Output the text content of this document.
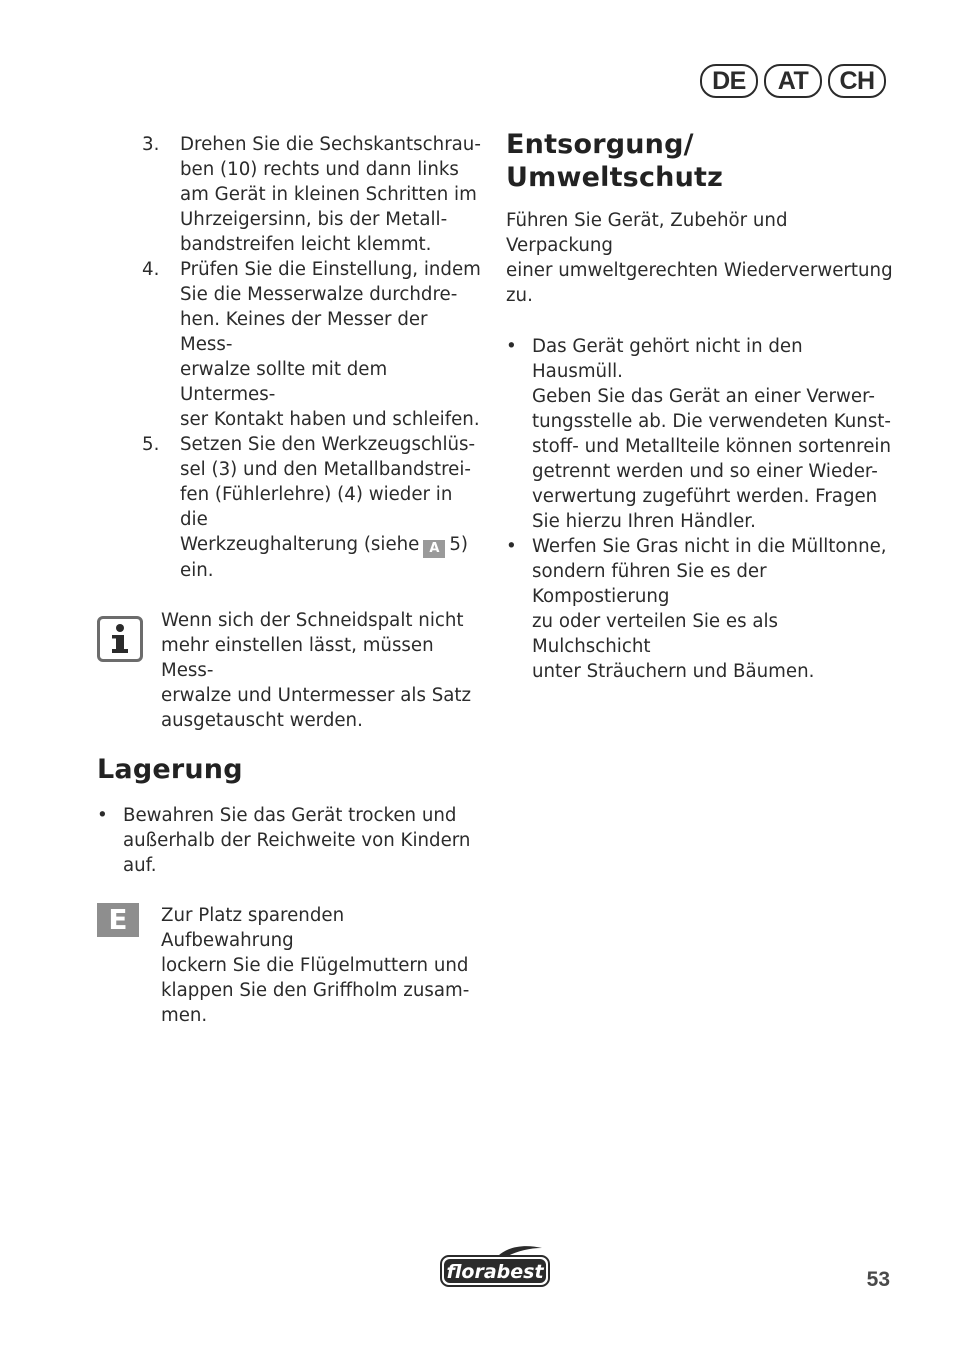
DE	AT	CH
3. Drehen Sie die Sechskantschrau-
ben (10) rechts und dann links
am Gerät in kleinen Schritten im
Uhrzeigersinn, bis der Metall-
bandstreifen leicht klemmt.
4. Prüfen Sie die Einstellung, indem
Sie die Messerwalze durchdre-
hen. Keines der Messer der Mess-
erwalze sollte mit dem Untermes-
ser Kontakt haben und schleifen.
5. Setzen Sie den Werkzeugschlüs-
sel (3) und den Metallbandstrei-
fen (Fühlerlehre) (4) wieder in die
Werkzeughalterung (siehe A 5)
ein.
Wenn sich der Schneidspalt nicht
mehr einstellen lässt, müssen Mess-
erwalze und Untermesser als Satz
ausgetauscht werden.
Lagerung
• Bewahren Sie das Gerät trocken und
außerhalb der Reichweite von Kindern
auf.
E	Zur Platz sparenden Aufbewahrung
lockern Sie die Flügelmuttern und
klappen Sie den Griffholm zusam-
men.
Entsorgung/
Umweltschutz
Führen Sie Gerät, Zubehör und Verpackung
einer umweltgerechten Wiederverwertung
zu.
• Das Gerät gehört nicht in den Hausmüll.
Geben Sie das Gerät an einer Verwer-
tungsstelle ab. Die verwendeten Kunst-
stoff- und Metallteile können sortenrein
getrennt werden und so einer Wieder-
verwertung zugeführt werden. Fragen
Sie hierzu Ihren Händler.
• Werfen Sie Gras nicht in die Mülltonne,
sondern führen Sie es der Kompostierung
zu oder verteilen Sie es als Mulchschicht
unter Sträuchern und Bäumen.
florabest	53
